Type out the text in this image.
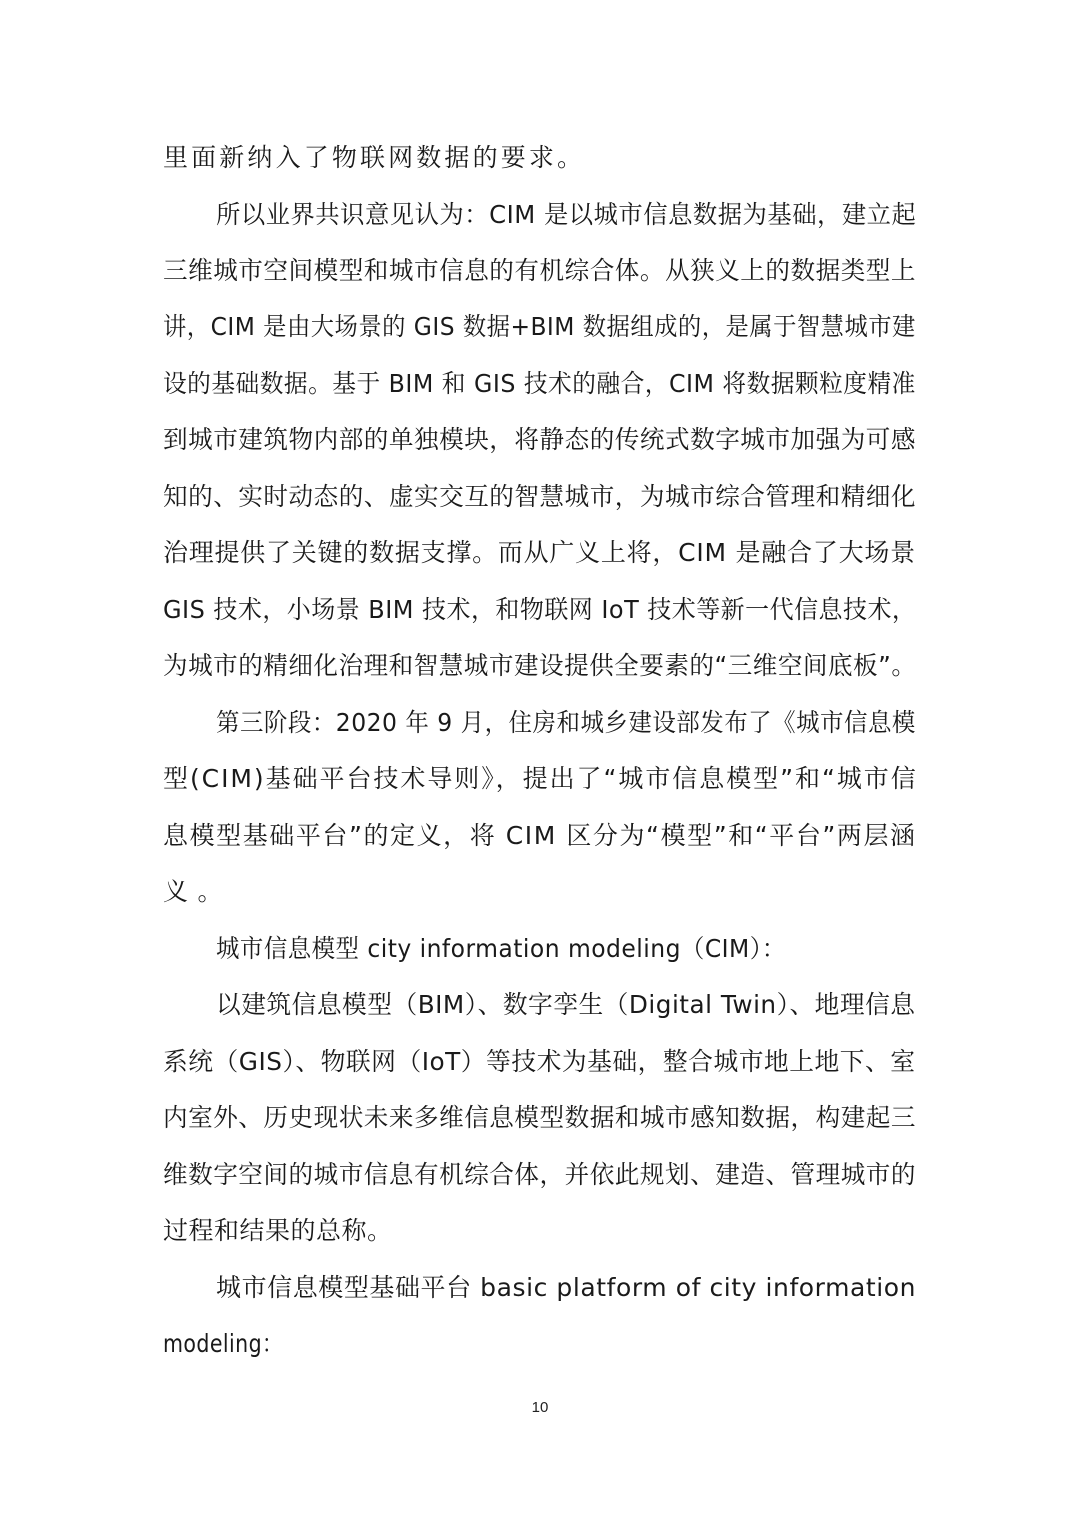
里面新纳入了物联网数据的要求。
所以业界共识意见认为：CIM 是以城市信息数据为基础，建立起
三维城市空间模型和城市信息的有机综合体。从狭义上的数据类型上
讲，CIM 是由大场景的 GIS 数据+BIM 数据组成的，是属于智慧城市建
设的基础数据。基于 BIM 和 GIS 技术的融合，CIM 将数据颗粒度精准
到城市建筑物内部的单独模块，将静态的传统式数字城市加强为可感
知的、实时动态的、虚实交互的智慧城市，为城市综合管理和精细化
治理提供了关键的数据支撑。而从广义上将，CIM 是融合了大场景
GIS 技术，小场景 BIM 技术，和物联网 IoT 技术等新一代信息技术，
为城市的精细化治理和智慧城市建设提供全要素的“三维空间底板”。
第三阶段：2020 年 9 月，住房和城乡建设部发布了《城市信息模
型(CIM)基础平台技术导则》，提出了“城市信息模型”和“城市信
息模型基础平台”的定义，将 CIM 区分为“模型”和“平台”两层涵
义。
城市信息模型 city information modeling（CIM）：
以建筑信息模型（BIM）、数字孪生（Digital Twin）、地理信息
系统（GIS）、物联网（IoT）等技术为基础，整合城市地上地下、室
内室外、历史现状未来多维信息模型数据和城市感知数据，构建起三
维数字空间的城市信息有机综合体，并依此规划、建造、管理城市的
过程和结果的总称。
城市信息模型基础平台 basic platform of city information
modeling：
10
